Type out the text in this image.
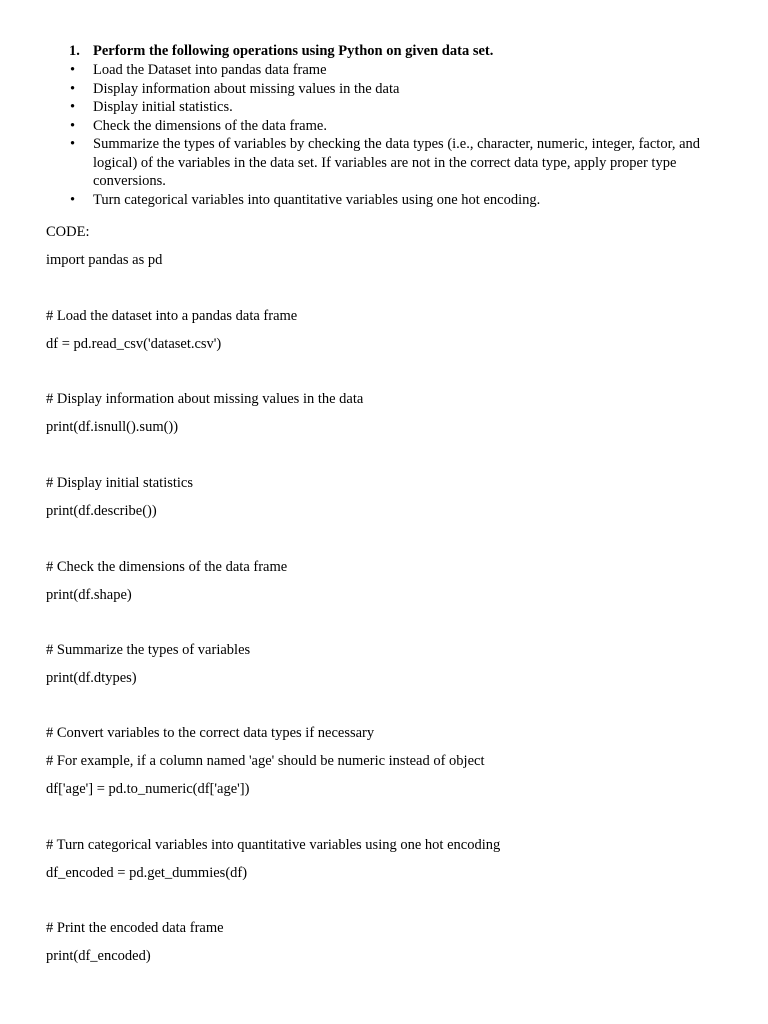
1. Perform the following operations using Python on given data set.
•	Load the Dataset into pandas data frame
•	Display information about missing values in the data
•	Display initial statistics.
•	Check the dimensions of the data frame.
•	Summarize the types of variables by checking the data types (i.e., character, numeric, integer, factor, and logical) of the variables in the data set. If variables are not in the correct data type, apply proper type conversions.
•	Turn categorical variables into quantitative variables using one hot encoding.
CODE:
import pandas as pd
# Load the dataset into a pandas data frame
df = pd.read_csv('dataset.csv')
# Display information about missing values in the data
print(df.isnull().sum())
# Display initial statistics
print(df.describe())
# Check the dimensions of the data frame
print(df.shape)
# Summarize the types of variables
print(df.dtypes)
# Convert variables to the correct data types if necessary
# For example, if a column named 'age' should be numeric instead of object
df['age'] = pd.to_numeric(df['age'])
# Turn categorical variables into quantitative variables using one hot encoding
df_encoded = pd.get_dummies(df)
# Print the encoded data frame
print(df_encoded)
